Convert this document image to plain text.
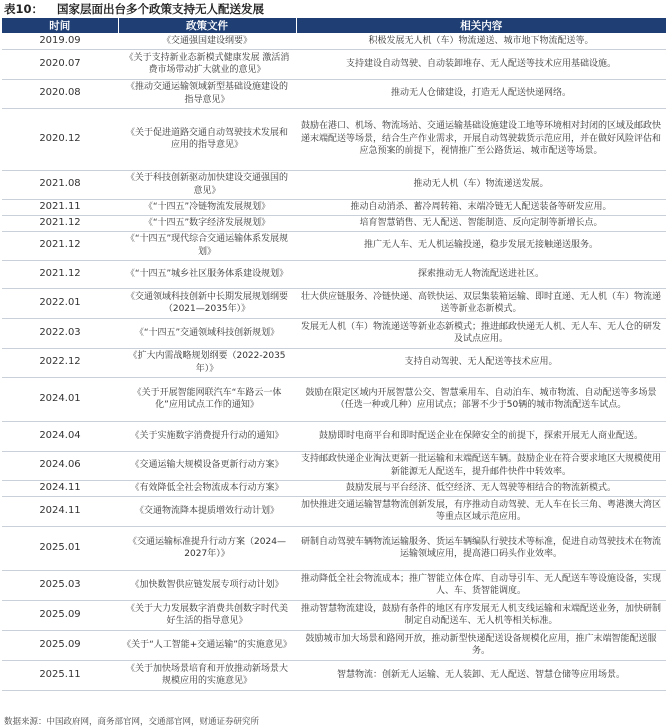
表10： 国家层面出台多个政策支持无人配送发展
时间	政策文件	相关内容
2019.09	《交通强国建设纲要》	积极发展无人机（车）物流递送、城市地下物流配送等。
2020.07	《关于支持新业态新模式健康发展 激活消费市场带动扩大就业的意见》	支持建设自动驾驶、自动装卸堆存、无人配送等技术应用基础设施。
2020.08	《推动交通运输领域新型基础设施建设的指导意见》	推动无人仓储建设，打造无人配送快递网络。
2020.12	《关于促进道路交通自动驾驶技术发展和应用的指导意见》	鼓励在港口、机场、物流场站、交通运输基础设施建设工地等环境相对封闭的区域及邮政快递末端配送等场景，结合生产作业需求，开展自动驾驶载货示范应用，并在做好风险评估和应急预案的前提下，视情推广至公路货运、城市配送等场景。
2021.08	《关于科技创新驱动加快建设交通强国的意见》	推动无人机（车）物流递送发展。
2021.11	《“十四五”冷链物流发展规划》	推动自动消杀、蓄冷周转箱、末端冷链无人配送装备等研发应用。
2021.12	《“十四五”数字经济发展规划》	培育智慧销售、无人配送、智能制造、反向定制等新增长点。
2021.12	《“十四五”现代综合交通运输体系发展规划》	推广无人车、无人机运输投递，稳步发展无接触递送服务。
2021.12	《“十四五”城乡社区服务体系建设规划》	探索推动无人物流配送进社区。
2022.01	《交通领域科技创新中长期发展规划纲要（2021—2035年）》	壮大供应链服务、冷链快递、高铁快运、双层集装箱运输、即时直递、无人机（车）物流递送等新业态新模式。
2022.03	《“十四五”交通领域科技创新规划》	发展无人机（车）物流递送等新业态新模式；推进邮政快递无人机、无人车、无人仓的研发及试点应用。
2022.12	《扩大内需战略规划纲要（2022-2035年）》	支持自动驾驶、无人配送等技术应用。
2024.01	《关于开展智能网联汽车“车路云一体化”应用试点工作的通知》	鼓励在限定区域内开展智慧公交、智慧乘用车、自动泊车、城市物流、自动配送等多场景（任选一种或几种）应用试点；部署不少于50辆的城市物流配送车试点。
2024.04	《关于实施数字消费提升行动的通知》	鼓励即时电商平台和即时配送企业在保障安全的前提下，探索开展无人商业配送。
2024.06	《交通运输大规模设备更新行动方案》	支持邮政快递企业淘汰更新一批运输和末端配送车辆。鼓励企业在符合要求地区大规模使用新能源无人配送车，提升邮件快件中转效率。
2024.11	《有效降低全社会物流成本行动方案》	鼓励发展与平台经济、低空经济、无人驾驶等相结合的物流新模式。
2024.11	《交通物流降本提质增效行动计划》	加快推进交通运输智慧物流创新发展，有序推动自动驾驶、无人车在长三角、粤港澳大湾区等重点区域示范应用。
2025.01	《交通运输标准提升行动方案（2024—2027年）》	研制自动驾驶车辆物流运输服务、货运车辆编队行驶技术等标准，促进自动驾驶技术在物流运输领域应用，提高港口码头作业效率。
2025.03	《加快数智供应链发展专项行动计划》	推动降低全社会物流成本；推广智能立体仓库、自动导引车、无人配送车等设施设备，实现人、车、货智能调度。
2025.09	《关于大力发展数字消费共创数字时代美好生活的指导意见》	推动智慧物流建设，鼓励有条件的地区有序发展无人机支线运输和末端配送业务，加快研制制定自动配送车、无人机等相关标准。
2025.09	《关于“人工智能+交通运输”的实施意见》	鼓励城市加大场景和路网开放，推动新型快递配送设备规模化应用，推广末端智能配送服务。
2025.11	《关于加快场景培育和开放推动新场景大规模应用的实施意见》	智慧物流：创新无人运输、无人装卸、无人配送、智慧仓储等应用场景。
数据来源：中国政府网，商务部官网，交通部官网，财通证券研究所
